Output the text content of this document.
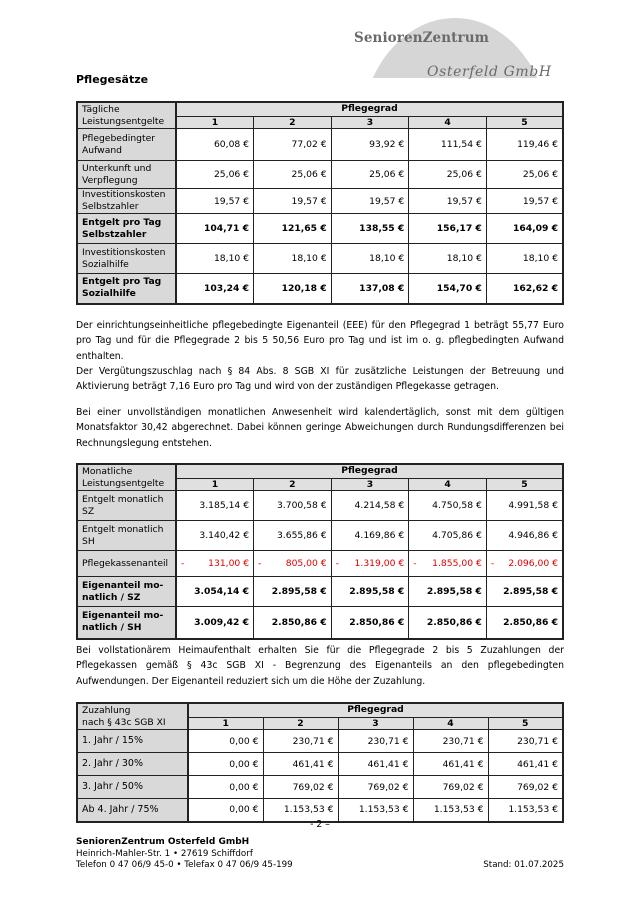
SeniorenZentrum
Osterfeld GmbH
Pflegesätze
Tägliche
Leistungsentgelte	Pflegegrad				
	1	2	3	4	5

Pflegebedingter
Aufwand	60,08 €	77,02 €	93,92 €	111,54 €	119,46 €

Unterkunft und
Verpflegung	25,06 €	25,06 €	25,06 €	25,06 €	25,06 €

Investitionskosten
Selbstzahler	19,57 €	19,57 €	19,57 €	19,57 €	19,57 €

Entgelt pro Tag
Selbstzahler	104,71 €	121,65 €	138,55 €	156,17 €	164,09 €

Investitionskosten
Sozialhilfe	18,10 €	18,10 €	18,10 €	18,10 €	18,10 €

Entgelt pro Tag
Sozialhilfe	103,24 €	120,18 €	137,08 €	154,70 €	162,62 €
Der einrichtungseinheitliche pflegebedingte Eigenanteil (EEE) für den Pflegegrad 1 beträgt 55,77 Euro pro Tag und für die Pflegegrade 2 bis 5 50,56 Euro pro Tag und ist im o. g. pflegbedingten Aufwand enthalten.
Der Vergütungszuschlag nach § 84 Abs. 8 SGB XI für zusätzliche Leistungen der Betreuung und Aktivierung beträgt 7,16 Euro pro Tag und wird von der zuständigen Pflegekasse getragen.
Bei einer unvollständigen monatlichen Anwesenheit wird kalendertäglich, sonst mit dem gültigen Monatsfaktor 30,42 abgerechnet. Dabei können geringe Abweichungen durch Rundungsdifferenzen bei Rechnungslegung entstehen.
Monatliche
Leistungsentgelte	Pflegegrad				
	1	2	3	4	5

Entgelt monatlich
SZ	3.185,14 €	3.700,58 €	4.214,58 €	4.750,58 €	4.991,58 €

Entgelt monatlich
SH	3.140,42 €	3.655,86 €	4.169,86 €	4.705,86 €	4.946,86 €

Pflegekassenanteil	- 131,00 €	- 805,00 €	- 1.319,00 €	- 1.855,00 €	- 2.096,00 €

Eigenanteil mo-
natlich / SZ	3.054,14 €	2.895,58 €	2.895,58 €	2.895,58 €	2.895,58 €

Eigenanteil mo-
natlich / SH	3.009,42 €	2.850,86 €	2.850,86 €	2.850,86 €	2.850,86 €
Bei vollstationärem Heimaufenthalt erhalten Sie für die Pflegegrade 2 bis 5 Zuzahlungen der Pflegekassen gemäß § 43c SGB XI - Begrenzung des Eigenanteils an den pflegebedingten Aufwendungen. Der Eigenanteil reduziert sich um die Höhe der Zuzahlung.
Zuzahlung
nach § 43c SGB XI	Pflegegrad				
	1	2	3	4	5

1. Jahr / 15%	0,00 €	230,71 €	230,71 €	230,71 €	230,71 €

2. Jahr / 30%	0,00 €	461,41 €	461,41 €	461,41 €	461,41 €

3. Jahr / 50%	0,00 €	769,02 €	769,02 €	769,02 €	769,02 €

Ab 4. Jahr / 75%	0,00 €	1.153,53 €	1.153,53 €	1.153,53 €	1.153,53 €
- 2 –
SeniorenZentrum Osterfeld GmbH
Heinrich-Mahler-Str. 1 • 27619 Schiffdorf
Telefon 0 47 06/9 45-0 • Telefax 0 47 06/9 45-199	Stand: 01.07.2025
